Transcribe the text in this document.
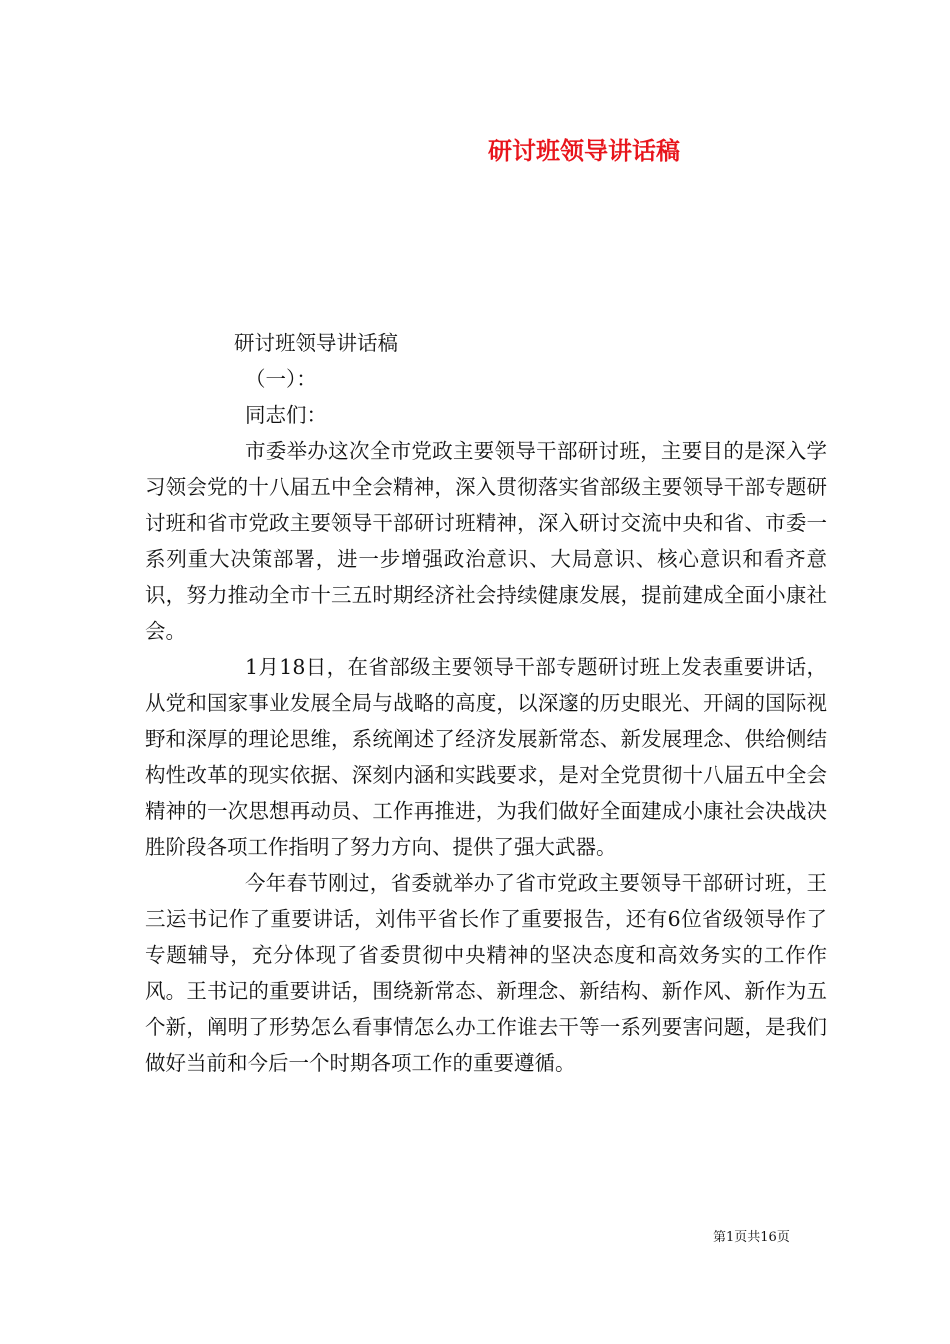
研讨班领导讲话稿
研讨班领导讲话稿
（一）：
同志们：

市委举办这次全市党政主要领导干部研讨班，主要目的是深入学习领会党的十八届五中全会精神，深入贯彻落实省部级主要领导干部专题研讨班和省市党政主要领导干部研讨班精神，深入研讨交流中央和省、市委一系列重大决策部署，进一步增强政治意识、大局意识、核心意识和看齐意识，努力推动全市十三五时期经济社会持续健康发展，提前建成全面小康社会。

1月18日，在省部级主要领导干部专题研讨班上发表重要讲话，从党和国家事业发展全局与战略的高度，以深邃的历史眼光、开阔的国际视野和深厚的理论思维，系统阐述了经济发展新常态、新发展理念、供给侧结构性改革的现实依据、深刻内涵和实践要求，是对全党贯彻十八届五中全会精神的一次思想再动员、工作再推进，为我们做好全面建成小康社会决战决胜阶段各项工作指明了努力方向、提供了强大武器。

今年春节刚过，省委就举办了省市党政主要领导干部研讨班，王三运书记作了重要讲话，刘伟平省长作了重要报告，还有6位省级领导作了专题辅导，充分体现了省委贯彻中央精神的坚决态度和高效务实的工作作风。王书记的重要讲话，围绕新常态、新理念、新结构、新作风、新作为五个新，阐明了形势怎么看事情怎么办工作谁去干等一系列要害问题，是我们做好当前和今后一个时期各项工作的重要遵循。

第1页共16页
